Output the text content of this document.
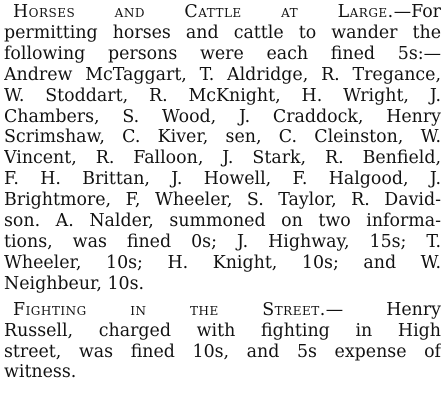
Horses and Cattle at Large.—For
permitting horses and cattle to wander the
following persons were each fined 5s:—
Andrew McTaggart, T. Aldridge, R. Tregance,
W. Stoddart, R. McKnight, H. Wright, J.
Chambers, S. Wood, J. Craddock, Henry
Scrimshaw, C. Kiver, sen, C. Cleinston, W.
Vincent, R. Falloon, J. Stark, R. Benfield,
F. H. Brittan, J. Howell, F. Halgood, J.
Brightmore, F, Wheeler, S. Taylor, R. David-
son. A. Nalder, summoned on two informa-
tions, was fined 0s; J. Highway, 15s; T.
Wheeler, 10s; H. Knight, 10s; and W.
Neighbeur, 10s.
Fighting in the Street.— Henry
Russell, charged with fighting in High
street, was fined 10s, and 5s expense of
witness.
